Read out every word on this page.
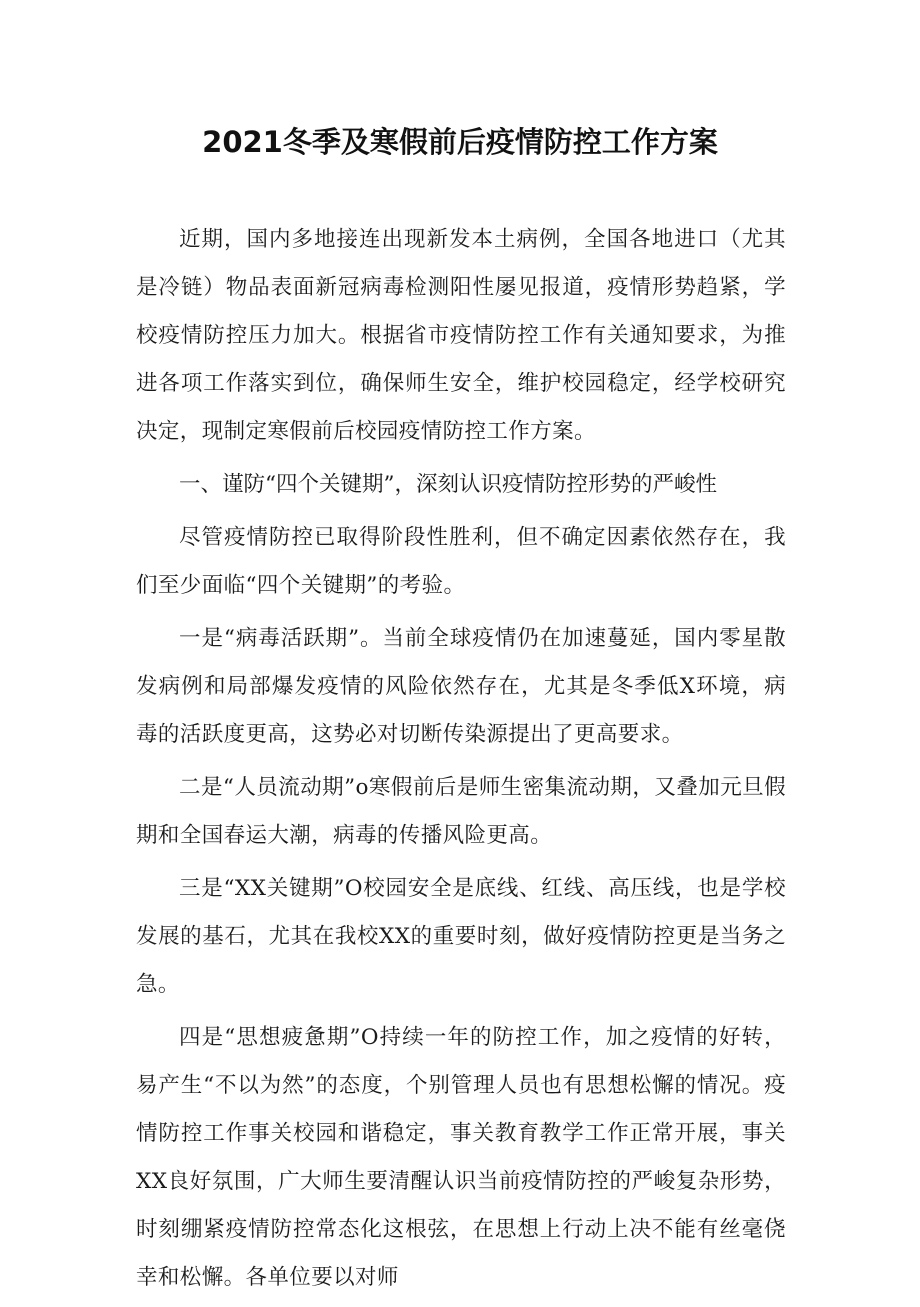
2021冬季及寒假前后疫情防控工作方案

近期，国内多地接连出现新发本土病例，全国各地进口（尤其是冷链）物品表面新冠病毒检测阳性屡见报道，疫情形势趋紧，学校疫情防控压力加大。根据省市疫情防控工作有关通知要求，为推进各项工作落实到位，确保师生安全，维护校园稳定，经学校研究决定，现制定寒假前后校园疫情防控工作方案。

一、谨防“四个关键期”，深刻认识疫情防控形势的严峻性

尽管疫情防控已取得阶段性胜利，但不确定因素依然存在，我们至少面临“四个关键期”的考验。

一是“病毒活跃期”。当前全球疫情仍在加速蔓延，国内零星散发病例和局部爆发疫情的风险依然存在，尤其是冬季低X环境，病毒的活跃度更高，这势必对切断传染源提出了更高要求。

二是“人员流动期”o寒假前后是师生密集流动期，又叠加元旦假期和全国春运大潮，病毒的传播风险更高。

三是“XX关键期”O校园安全是底线、红线、高压线，也是学校发展的基石，尤其在我校XX的重要时刻，做好疫情防控更是当务之急。

四是“思想疲惫期”O持续一年的防控工作，加之疫情的好转，易产生“不以为然”的态度，个别管理人员也有思想松懈的情况。疫情防控工作事关校园和谐稳定，事关教育教学工作正常开展，事关XX良好氛围，广大师生要清醒认识当前疫情防控的严峻复杂形势，时刻绷紧疫情防控常态化这根弦，在思想上行动上决不能有丝毫侥幸和松懈。各单位要以对师
